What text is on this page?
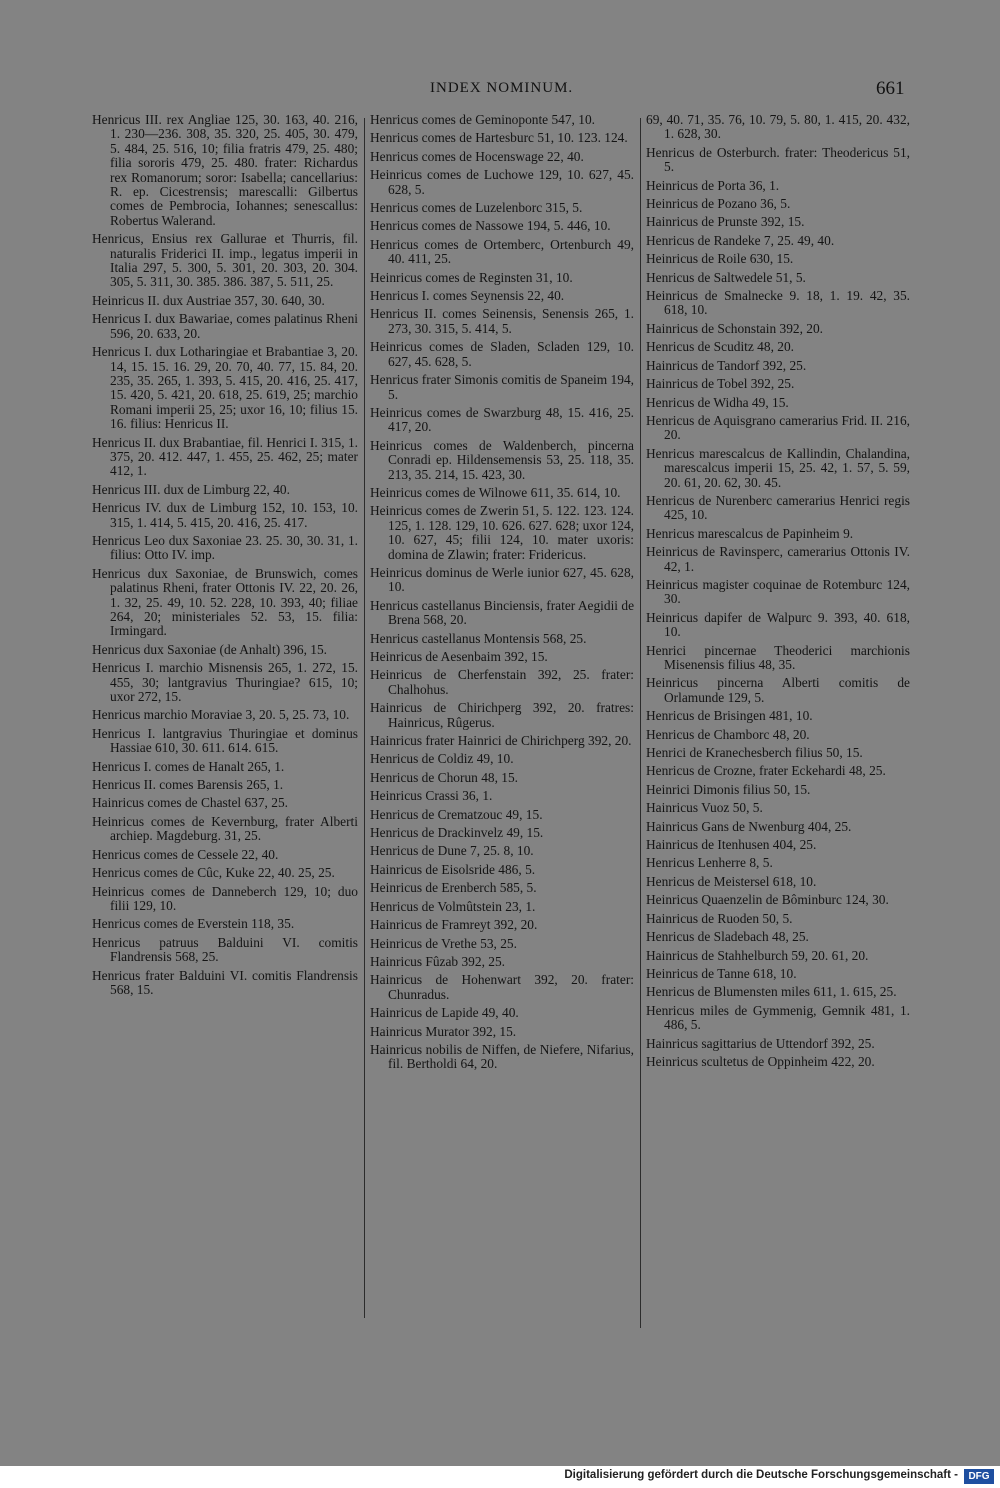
INDEX NOMINUM.	661

Henricus III. rex Angliae 125, 30. 163, 40. 216, 1. 230—236. 308, 35. 320, 25. 405, 30. 479, 5. 484, 25. 516, 10; filia fratris 479, 25. 480; filia sororis 479, 25. 480. frater: Richardus rex Romanorum; soror: Isabella; cancellarius: R. ep. Cicestrensis; marescalli: Gilbertus comes de Pembrocia, Iohannes; senescallus: Robertus Walerand.

Henricus, Ensius rex Gallurae et Thurris, fil. naturalis Friderici II. imp., legatus imperii in Italia 297, 5. 300, 5. 301, 20. 303, 20. 304. 305, 5. 311, 30. 385. 386. 387, 5. 511, 25.

Heinricus II. dux Austriae 357, 30. 640, 30.

Henricus I. dux Bawariae, comes palatinus Rheni 596, 20. 633, 20.

Henricus I. dux Lotharingiae et Brabantiae 3, 20. 14, 15. 15. 16. 29, 20. 70, 40. 77, 15. 84, 20. 235, 35. 265, 1. 393, 5. 415, 20. 416, 25. 417, 15. 420, 5. 421, 20. 618, 25. 619, 25; marchio Romani imperii 25, 25; uxor 16, 10; filius 15. 16. filius: Henricus II.

Henricus II. dux Brabantiae, fil. Henrici I. 315, 1. 375, 20. 412. 447, 1. 455, 25. 462, 25; mater 412, 1.

Henricus III. dux de Limburg 22, 40.

Henricus IV. dux de Limburg 152, 10. 153, 10. 315, 1. 414, 5. 415, 20. 416, 25. 417.

Henricus Leo dux Saxoniae 23. 25. 30, 30. 31, 1. filius: Otto IV. imp.

Henricus dux Saxoniae, de Brunswich, comes palatinus Rheni, frater Ottonis IV. 22, 20. 26, 1. 32, 25. 49, 10. 52. 228, 10. 393, 40; filiae 264, 20; ministeriales 52. 53, 15. filia: Irmingard.

Henricus dux Saxoniae (de Anhalt) 396, 15.

Henricus I. marchio Misnensis 265, 1. 272, 15. 455, 30; lantgravius Thuringiae? 615, 10; uxor 272, 15.

Henricus marchio Moraviae 3, 20. 5, 25. 73, 10.

Henricus I. lantgravius Thuringiae et dominus Hassiae 610, 30. 611. 614. 615.

Henricus I. comes de Hanalt 265, 1.

Henricus II. comes Barensis 265, 1.

Hainricus comes de Chastel 637, 25.

Heinricus comes de Kevernburg, frater Alberti archiep. Magdeburg. 31, 25.

Henricus comes de Cessele 22, 40.

Henricus comes de Cûc, Kuke 22, 40. 25, 25.

Heinricus comes de Danneberch 129, 10; duo filii 129, 10.

Henricus comes de Everstein 118, 35.

Henricus patruus Balduini VI. comitis Flandrensis 568, 25.

Henricus frater Balduini VI. comitis Flandrensis 568, 15.

Henricus comes de Geminoponte 547, 10.

Henricus comes de Hartesburc 51, 10. 123. 124.

Henricus comes de Hocenswage 22, 40.

Heinricus comes de Luchowe 129, 10. 627, 45. 628, 5.

Henricus comes de Luzelenborc 315, 5.

Henricus comes de Nassowe 194, 5. 446, 10.

Henricus comes de Ortemberc, Ortenburch 49, 40. 411, 25.

Heinricus comes de Reginsten 31, 10.

Henricus I. comes Seynensis 22, 40.

Henricus II. comes Seinensis, Senensis 265, 1. 273, 30. 315, 5. 414, 5.

Heinricus comes de Sladen, Scladen 129, 10. 627, 45. 628, 5.

Henricus frater Simonis comitis de Spaneim 194, 5.

Heinricus comes de Swarzburg 48, 15. 416, 25. 417, 20.

Heinricus comes de Waldenberch, pincerna Conradi ep. Hildensemensis 53, 25. 118, 35. 213, 35. 214, 15. 423, 30.

Heinricus comes de Wilnowe 611, 35. 614, 10.

Heinricus comes de Zwerin 51, 5. 122. 123. 124. 125, 1. 128. 129, 10. 626. 627. 628; uxor 124, 10. 627, 45; filii 124, 10. mater uxoris: domina de Zlawin; frater: Fridericus.

Heinricus dominus de Werle iunior 627, 45. 628, 10.

Henricus castellanus Binciensis, frater Aegidii de Brena 568, 20.

Henricus castellanus Montensis 568, 25.

Heinricus de Aesenbaim 392, 15.

Heinricus de Cherfenstain 392, 25. frater: Chalhohus.

Hainricus de Chirichperg 392, 20. fratres: Hainricus, Rûgerus.

Hainricus frater Hainrici de Chirichperg 392, 20.

Henricus de Coldiz 49, 10.

Henricus de Chorun 48, 15.

Heinricus Crassi 36, 1.

Henricus de Crematzouc 49, 15.

Henricus de Drackinvelz 49, 15.

Henricus de Dune 7, 25. 8, 10.

Hainricus de Eisolsride 486, 5.

Heinricus de Erenberch 585, 5.

Henricus de Volmûtstein 23, 1.

Hainricus de Framreyt 392, 20.

Heinricus de Vrethe 53, 25.

Hainricus Fûzab 392, 25.

Hainricus de Hohenwart 392, 20. frater: Chunradus.

Hainricus de Lapide 49, 40.

Hainricus Murator 392, 15.

Hainricus nobilis de Niffen, de Niefere, Nifarius, fil. Bertholdi 64, 20.

69, 40. 71, 35. 76, 10. 79, 5. 80, 1. 415, 20. 432, 1. 628, 30.

Henricus de Osterburch. frater: Theodericus 51, 5.

Heinricus de Porta 36, 1.

Heinricus de Pozano 36, 5.

Hainricus de Prunste 392, 15.

Henricus de Randeke 7, 25. 49, 40.

Heinricus de Roile 630, 15.

Henricus de Saltwedele 51, 5.

Heinricus de Smalnecke 9. 18, 1. 19. 42, 35. 618, 10.

Hainricus de Schonstain 392, 20.

Henricus de Scuditz 48, 20.

Hainricus de Tandorf 392, 25.

Hainricus de Tobel 392, 25.

Henricus de Widha 49, 15.

Henricus de Aquisgrano camerarius Frid. II. 216, 20.

Henricus marescalcus de Kallindin, Chalandina, marescalcus imperii 15, 25. 42, 1. 57, 5. 59, 20. 61, 20. 62, 30. 45.

Henricus de Nurenberc camerarius Henrici regis 425, 10.

Henricus marescalcus de Papinheim 9.

Heinricus de Ravinsperc, camerarius Ottonis IV. 42, 1.

Heinricus magister coquinae de Rotemburc 124, 30.

Heinricus dapifer de Walpurc 9. 393, 40. 618, 10.

Henrici pincernae Theoderici marchionis Misenensis filius 48, 35.

Heinricus pincerna Alberti comitis de Orlamunde 129, 5.

Henricus de Brisingen 481, 10.

Henricus de Chamborc 48, 20.

Henrici de Kranechesberch filius 50, 15.

Henricus de Crozne, frater Eckehardi 48, 25.

Heinrici Dimonis filius 50, 15.

Hainricus Vuoz 50, 5.

Hainricus Gans de Nwenburg 404, 25.

Hainricus de Itenhusen 404, 25.

Henricus Lenherre 8, 5.

Henricus de Meistersel 618, 10.

Heinricus Quaenzelin de Bôminburc 124, 30.

Hainricus de Ruoden 50, 5.

Henricus de Sladebach 48, 25.

Hainricus de Stahhelburch 59, 20. 61, 20.

Heinricus de Tanne 618, 10.

Henricus de Blumensten miles 611, 1. 615, 25.

Henricus miles de Gymmenig, Gemnik 481, 1. 486, 5.

Hainricus sagittarius de Uttendorf 392, 25.

Heinricus scultetus de Oppinheim 422, 20.

Digitalisierung gefördert durch die Deutsche Forschungsgemeinschaft -	DFG
